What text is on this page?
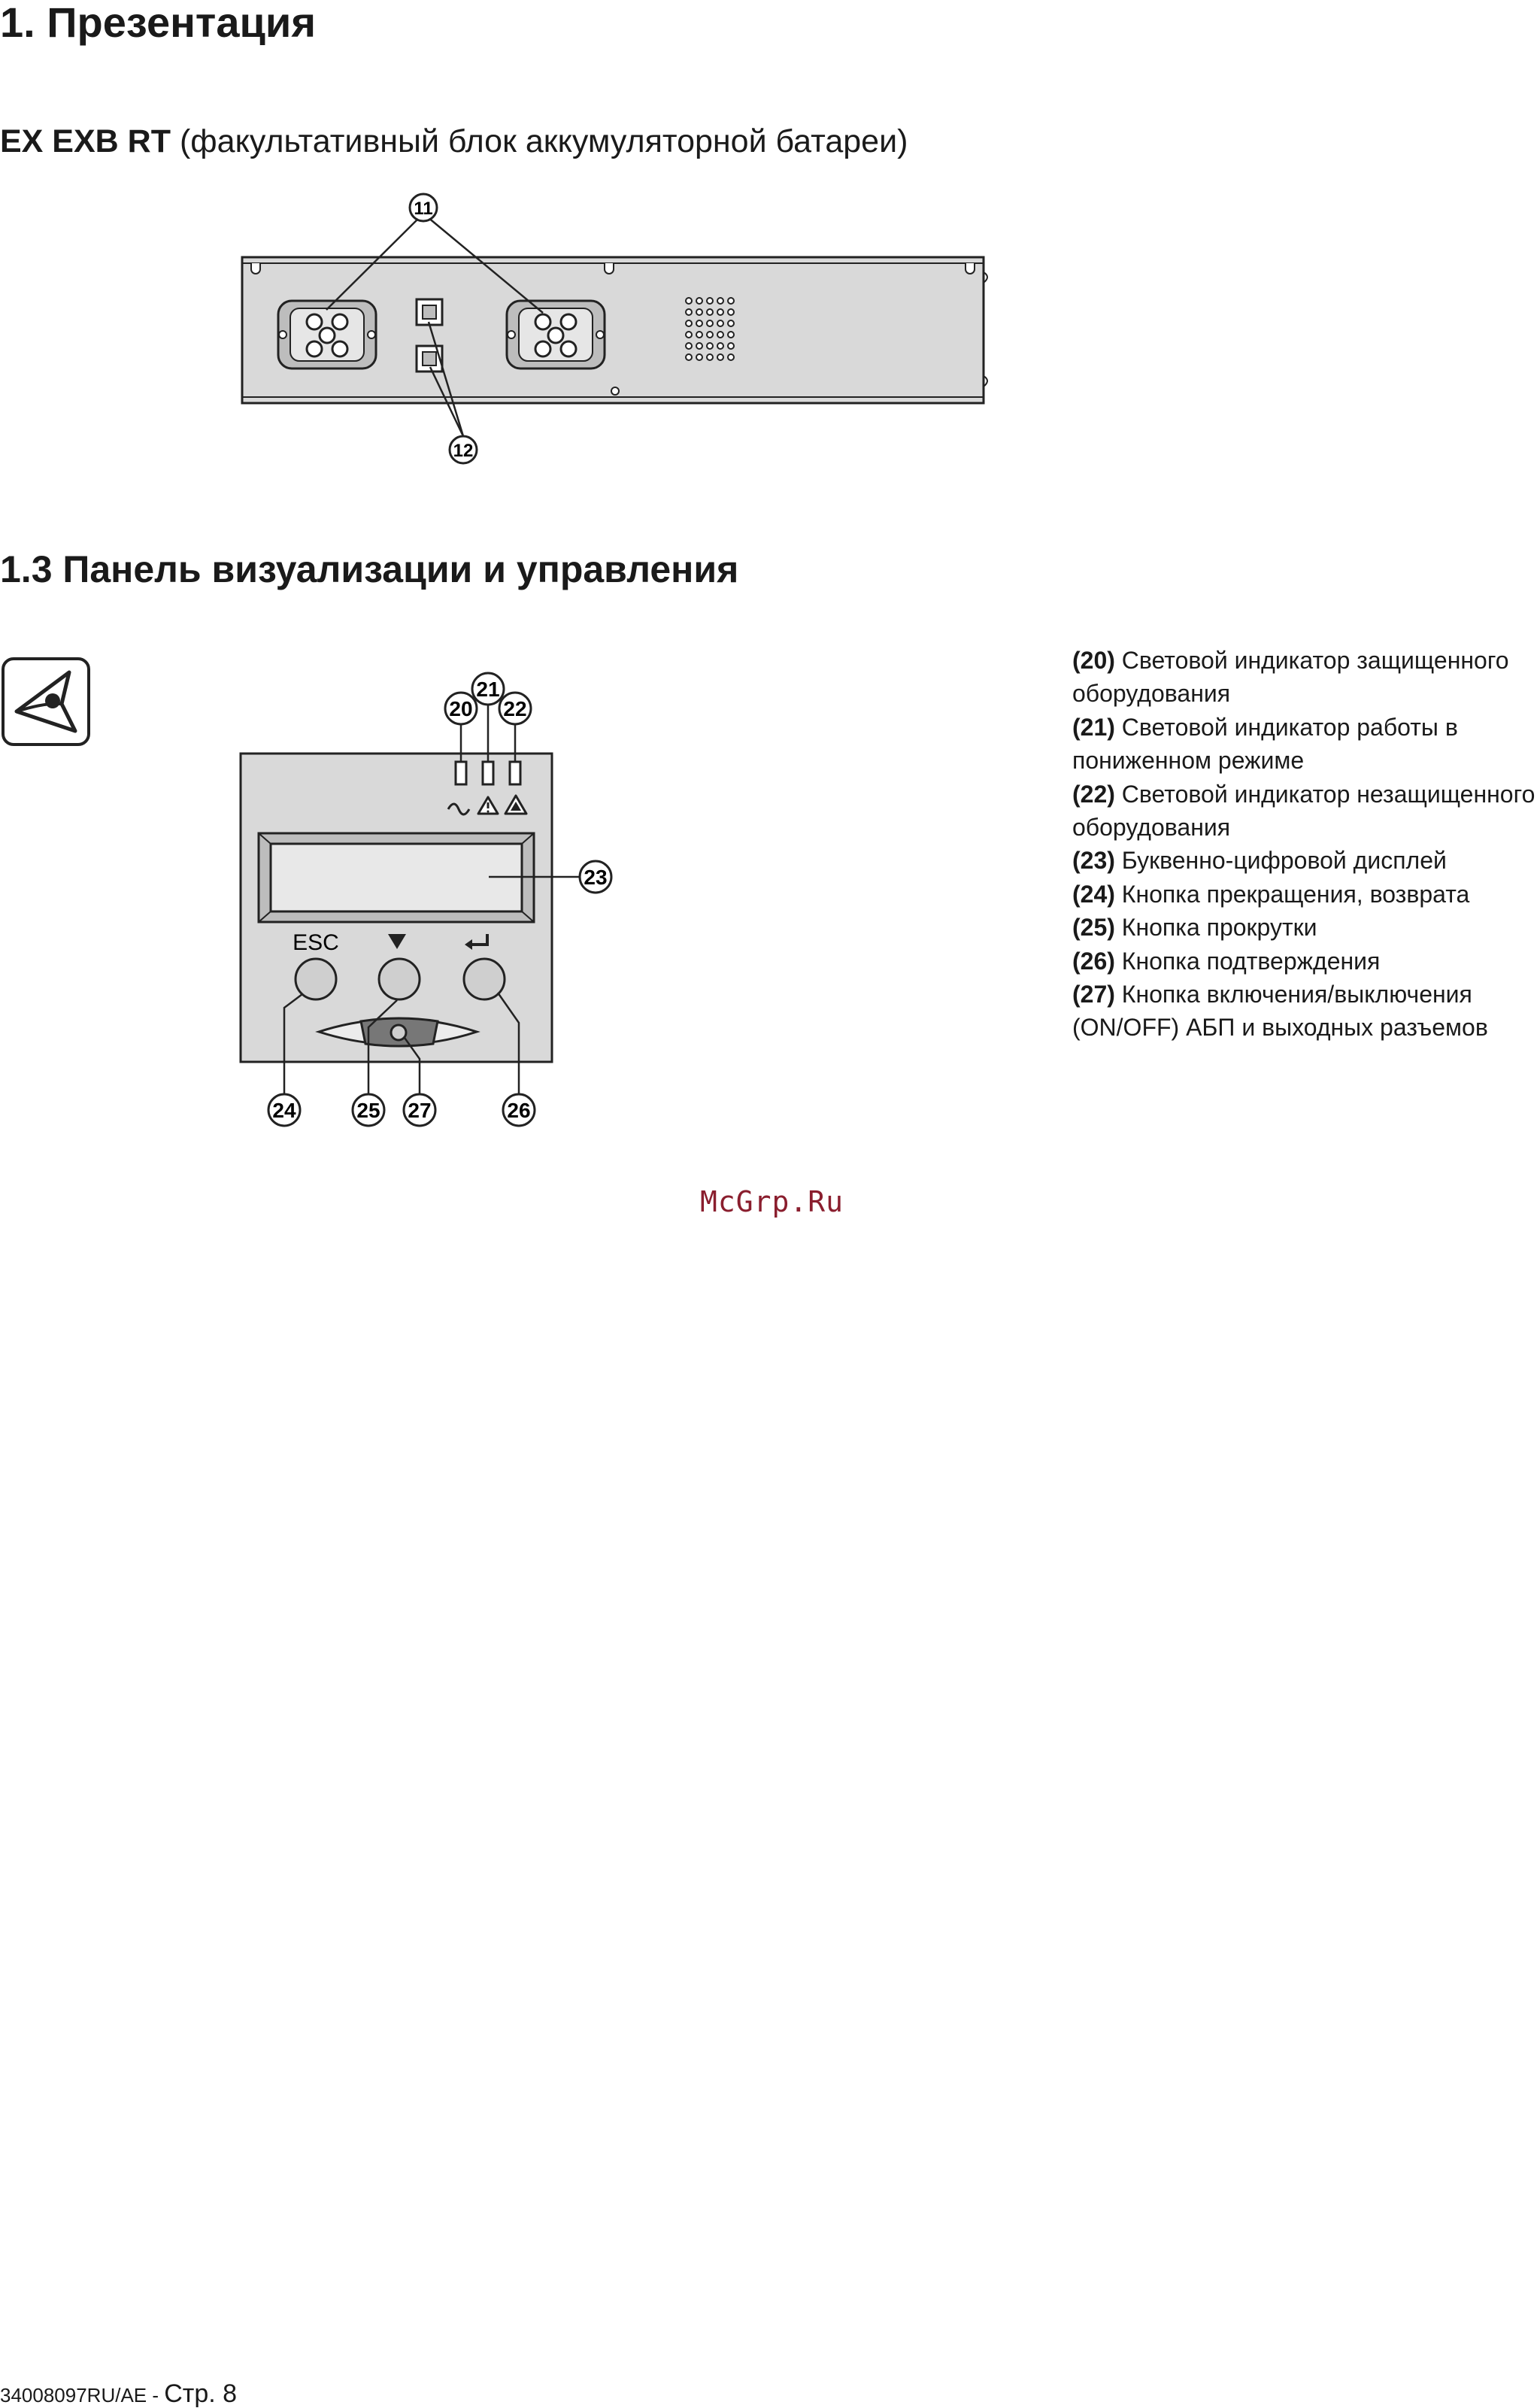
1. Презентация

EX EXB RT (факультативный блок аккумуляторной батареи)

11
12
1.3 Панель визуализации и управления
ESC
20
21
22
23
24	25 27	26
(20) Световой индикатор защищенного оборудования
(21) Световой индикатор работы в пониженном режиме
(22) Световой индикатор незащищенного оборудования
(23) Буквенно-цифровой дисплей
(24) Кнопка прекращения, возврата
(25) Кнопка прокрутки
(26) Кнопка подтверждения
(27) Кнопка включения/выключения (ON/OFF) АБП и выходных разъемов
McGrp.Ru
34008097RU/AE - Стр. 8
